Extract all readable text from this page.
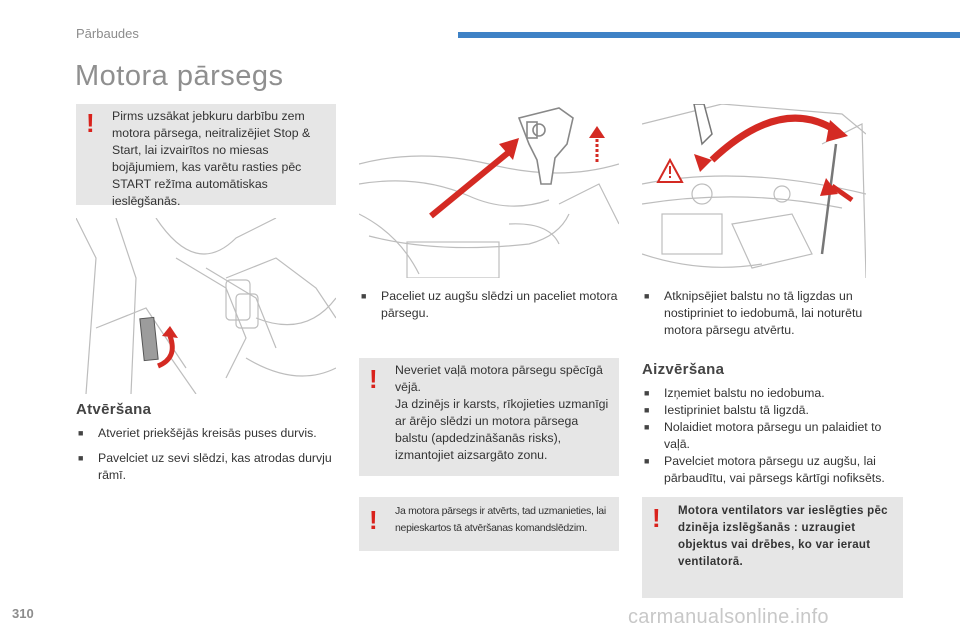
Pārbaudes
Motora pārsegs
! Pirms uzsākat jebkuru darbību zem motora pārsega, neitralizējiet Stop & Start, lai izvairītos no miesas bojājumiem, kas varētu rasties pēc START režīma automātiskas ieslēgšanās.
Atvēršana
■ Atveriet priekšējās kreisās puses durvis.
■ Pavelciet uz sevi slēdzi, kas atrodas durvju rāmī.
■ Paceliet uz augšu slēdzi un paceliet motora pārsegu.
! Neveriet vaļā motora pārsegu spēcīgā vējā.
Ja dzinējs ir karsts, rīkojieties uzmanīgi ar ārējo slēdzi un motora pārsega balstu (apdedzināšanās risks), izmantojiet aizsargāto zonu.
! Ja motora pārsegs ir atvērts, tad uzmanieties, lai nepieskartos tā atvēršanas komandslēdzim.
■ Atknipsējiet balstu no tā ligzdas un nostipriniet to iedobumā, lai noturētu motora pārsegu atvērtu.
Aizvēršana
■ Izņemiet balstu no iedobuma.
■ Iestipriniet balstu tā ligzdā.
■ Nolaidiet motora pārsegu un palaidiet to vaļā.
■ Pavelciet motora pārsegu uz augšu, lai pārbaudītu, vai pārsegs kārtīgi nofiksēts.
! Motora ventilators var ieslēgties pēc dzinēja izslēgšanās : uzraugiet objektus vai drēbes, ko var ieraut ventilatorā.
310	carmanualsonline.info
